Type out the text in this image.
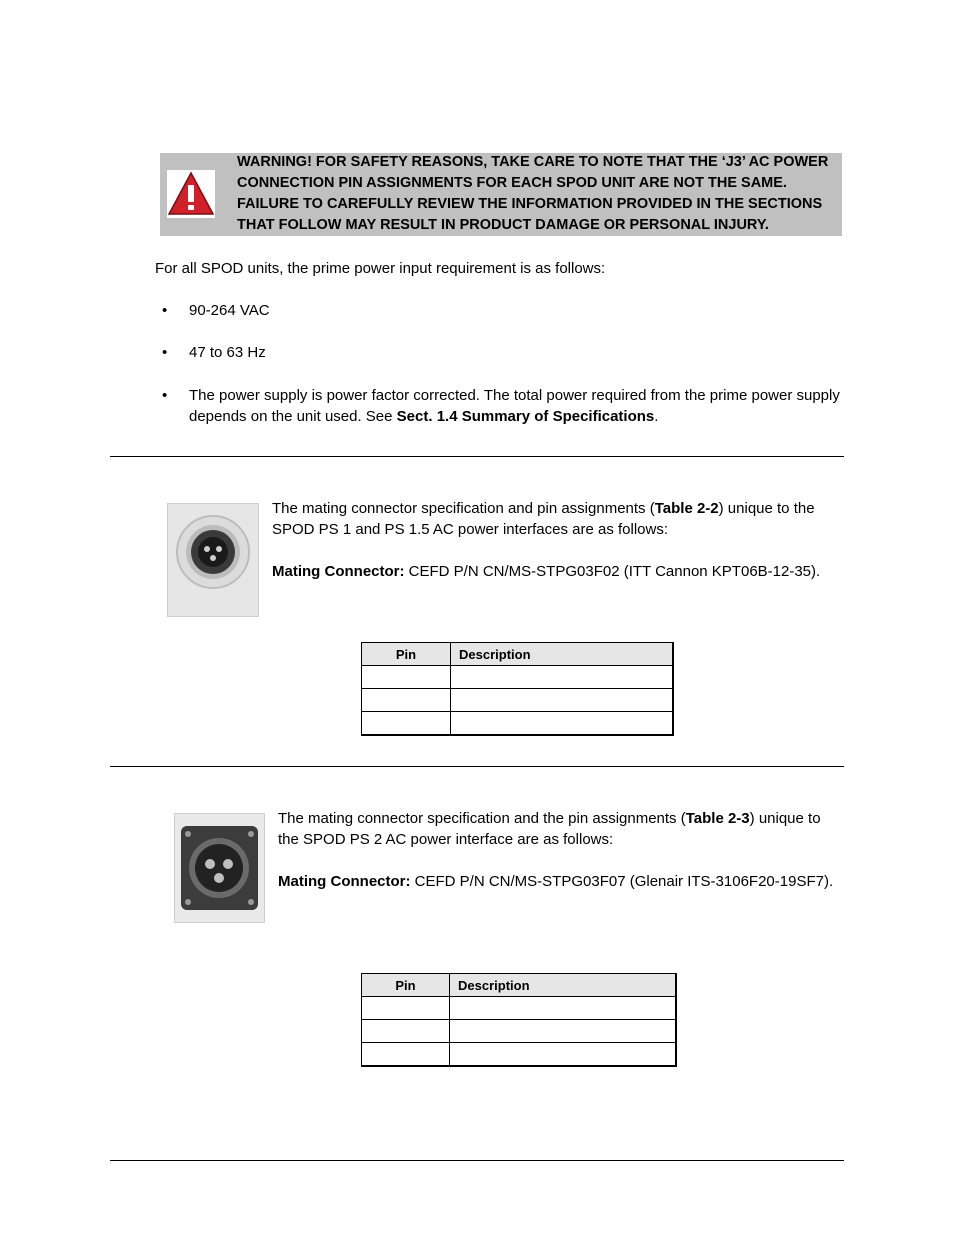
WARNING! FOR SAFETY REASONS, TAKE CARE TO NOTE THAT THE ‘J3’ AC POWER CONNECTION PIN ASSIGNMENTS FOR EACH SPOD UNIT ARE NOT THE SAME. FAILURE TO CAREFULLY REVIEW THE INFORMATION PROVIDED IN THE SECTIONS THAT FOLLOW MAY RESULT IN PRODUCT DAMAGE OR PERSONAL INJURY.
For all SPOD units, the prime power input requirement is as follows:
• 90-264 VAC
• 47 to 63 Hz
• The power supply is power factor corrected. The total power required from the prime power supply depends on the unit used. See Sect. 1.4 Summary of Specifications.
The mating connector specification and pin assignments (Table 2-2) unique to the SPOD PS 1 and PS 1.5 AC power interfaces are as follows:
Mating Connector: CEFD P/N CN/MS-STPG03F02 (ITT Cannon KPT06B-12-35).
Pin	Description

The mating connector specification and the pin assignments (Table 2-3) unique to the SPOD PS 2 AC power interface are as follows:
Mating Connector: CEFD P/N CN/MS-STPG03F07 (Glenair ITS-3106F20-19SF7).
Pin	Description
